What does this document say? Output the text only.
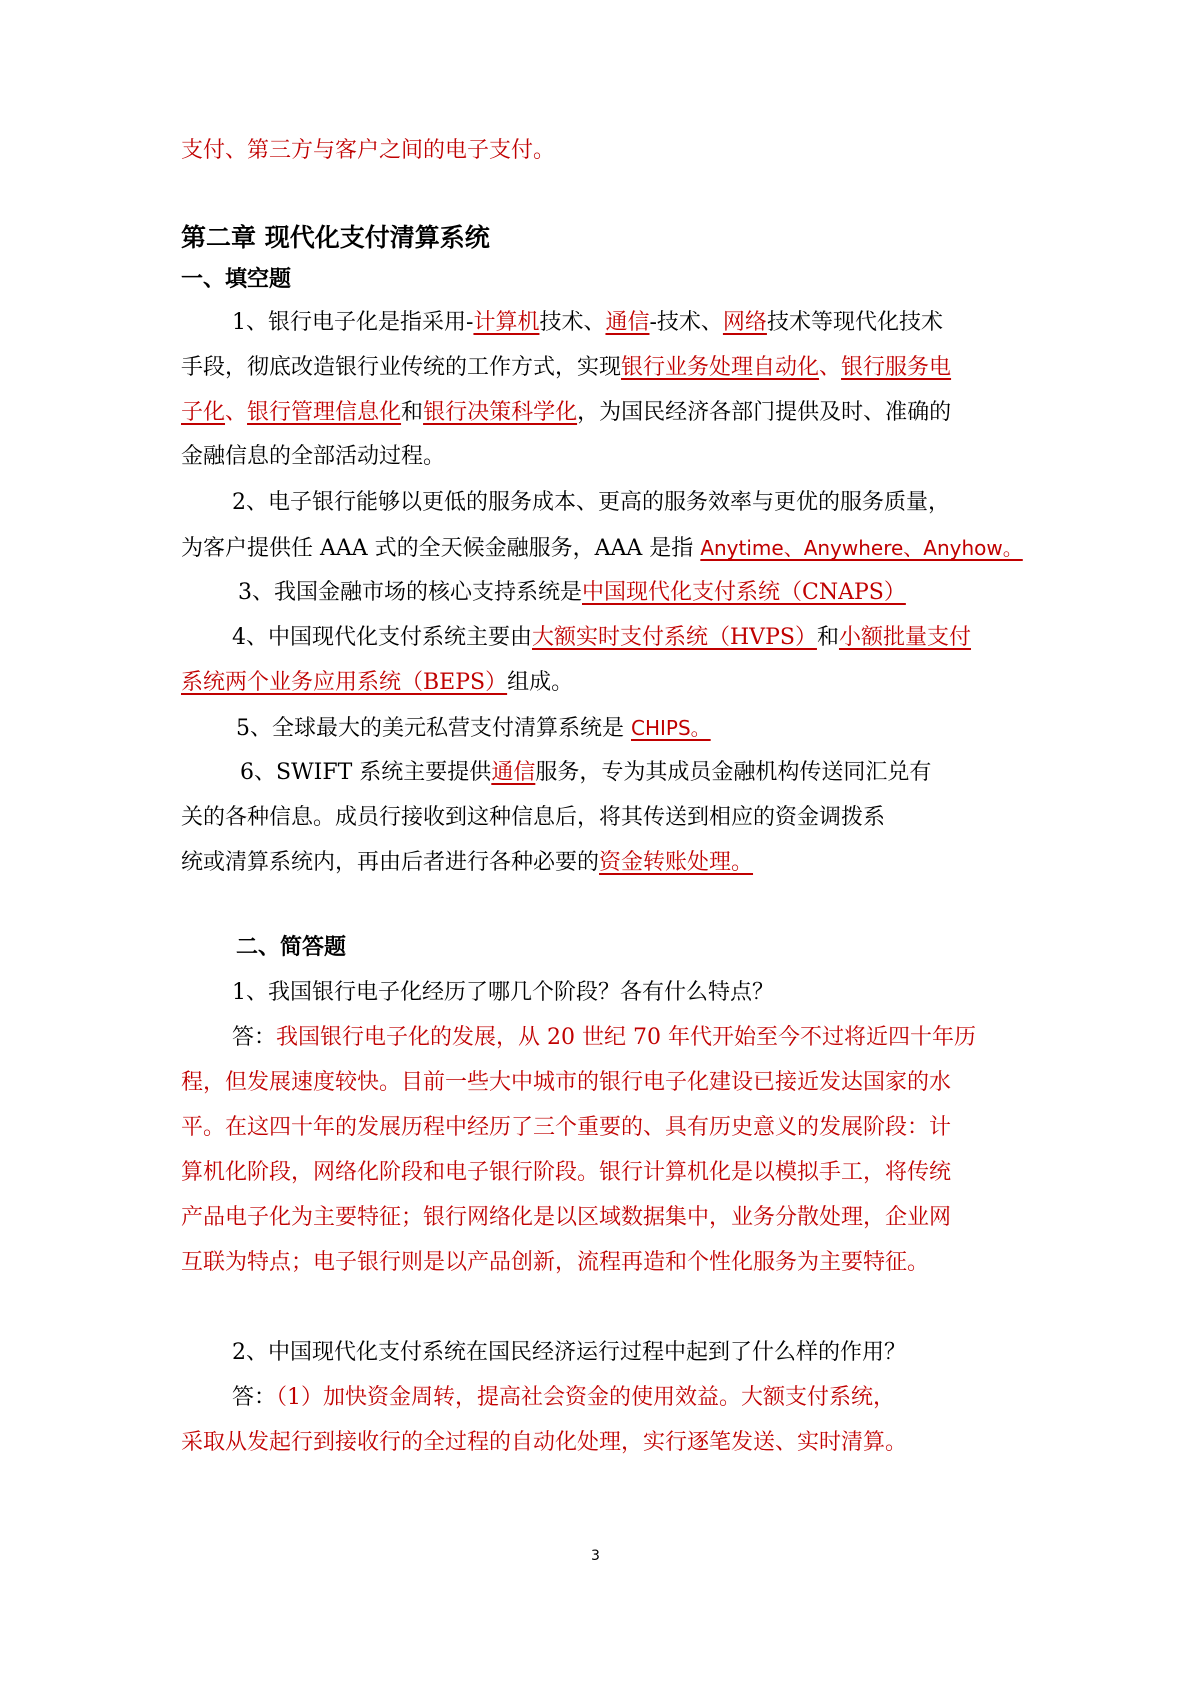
支付、第三方与客户之间的电子支付。
第二章 现代化支付清算系统
一、填空题
1、银行电子化是指采用-计算机技术、通信-技术、网络技术等现代化技术
手段，彻底改造银行业传统的工作方式，实现银行业务处理自动化、银行服务电
子化、银行管理信息化和银行决策科学化，为国民经济各部门提供及时、准确的
金融信息的全部活动过程。
2、电子银行能够以更低的服务成本、更高的服务效率与更优的服务质量，
为客户提供任 AAA 式的全天候金融服务，AAA 是指 Anytime、Anywhere、Anyhow。
3、我国金融市场的核心支持系统是中国现代化支付系统（CNAPS）
4、中国现代化支付系统主要由大额实时支付系统（HVPS）和小额批量支付
系统两个业务应用系统（BEPS）组成。
5、全球最大的美元私营支付清算系统是 CHIPS。
6、SWIFT 系统主要提供通信服务，专为其成员金融机构传送同汇兑有
关的各种信息。成员行接收到这种信息后，将其传送到相应的资金调拨系
统或清算系统内，再由后者进行各种必要的资金转账处理。
二、简答题
1、我国银行电子化经历了哪几个阶段？各有什么特点？
答：我国银行电子化的发展，从 20 世纪 70 年代开始至今不过将近四十年历
程，但发展速度较快。目前一些大中城市的银行电子化建设已接近发达国家的水
平。在这四十年的发展历程中经历了三个重要的、具有历史意义的发展阶段：计
算机化阶段，网络化阶段和电子银行阶段。银行计算机化是以模拟手工，将传统
产品电子化为主要特征；银行网络化是以区域数据集中，业务分散处理，企业网
互联为特点；电子银行则是以产品创新，流程再造和个性化服务为主要特征。
2、中国现代化支付系统在国民经济运行过程中起到了什么样的作用？
答：（1）加快资金周转，提高社会资金的使用效益。大额支付系统，
采取从发起行到接收行的全过程的自动化处理，实行逐笔发送、实时清算。
3
